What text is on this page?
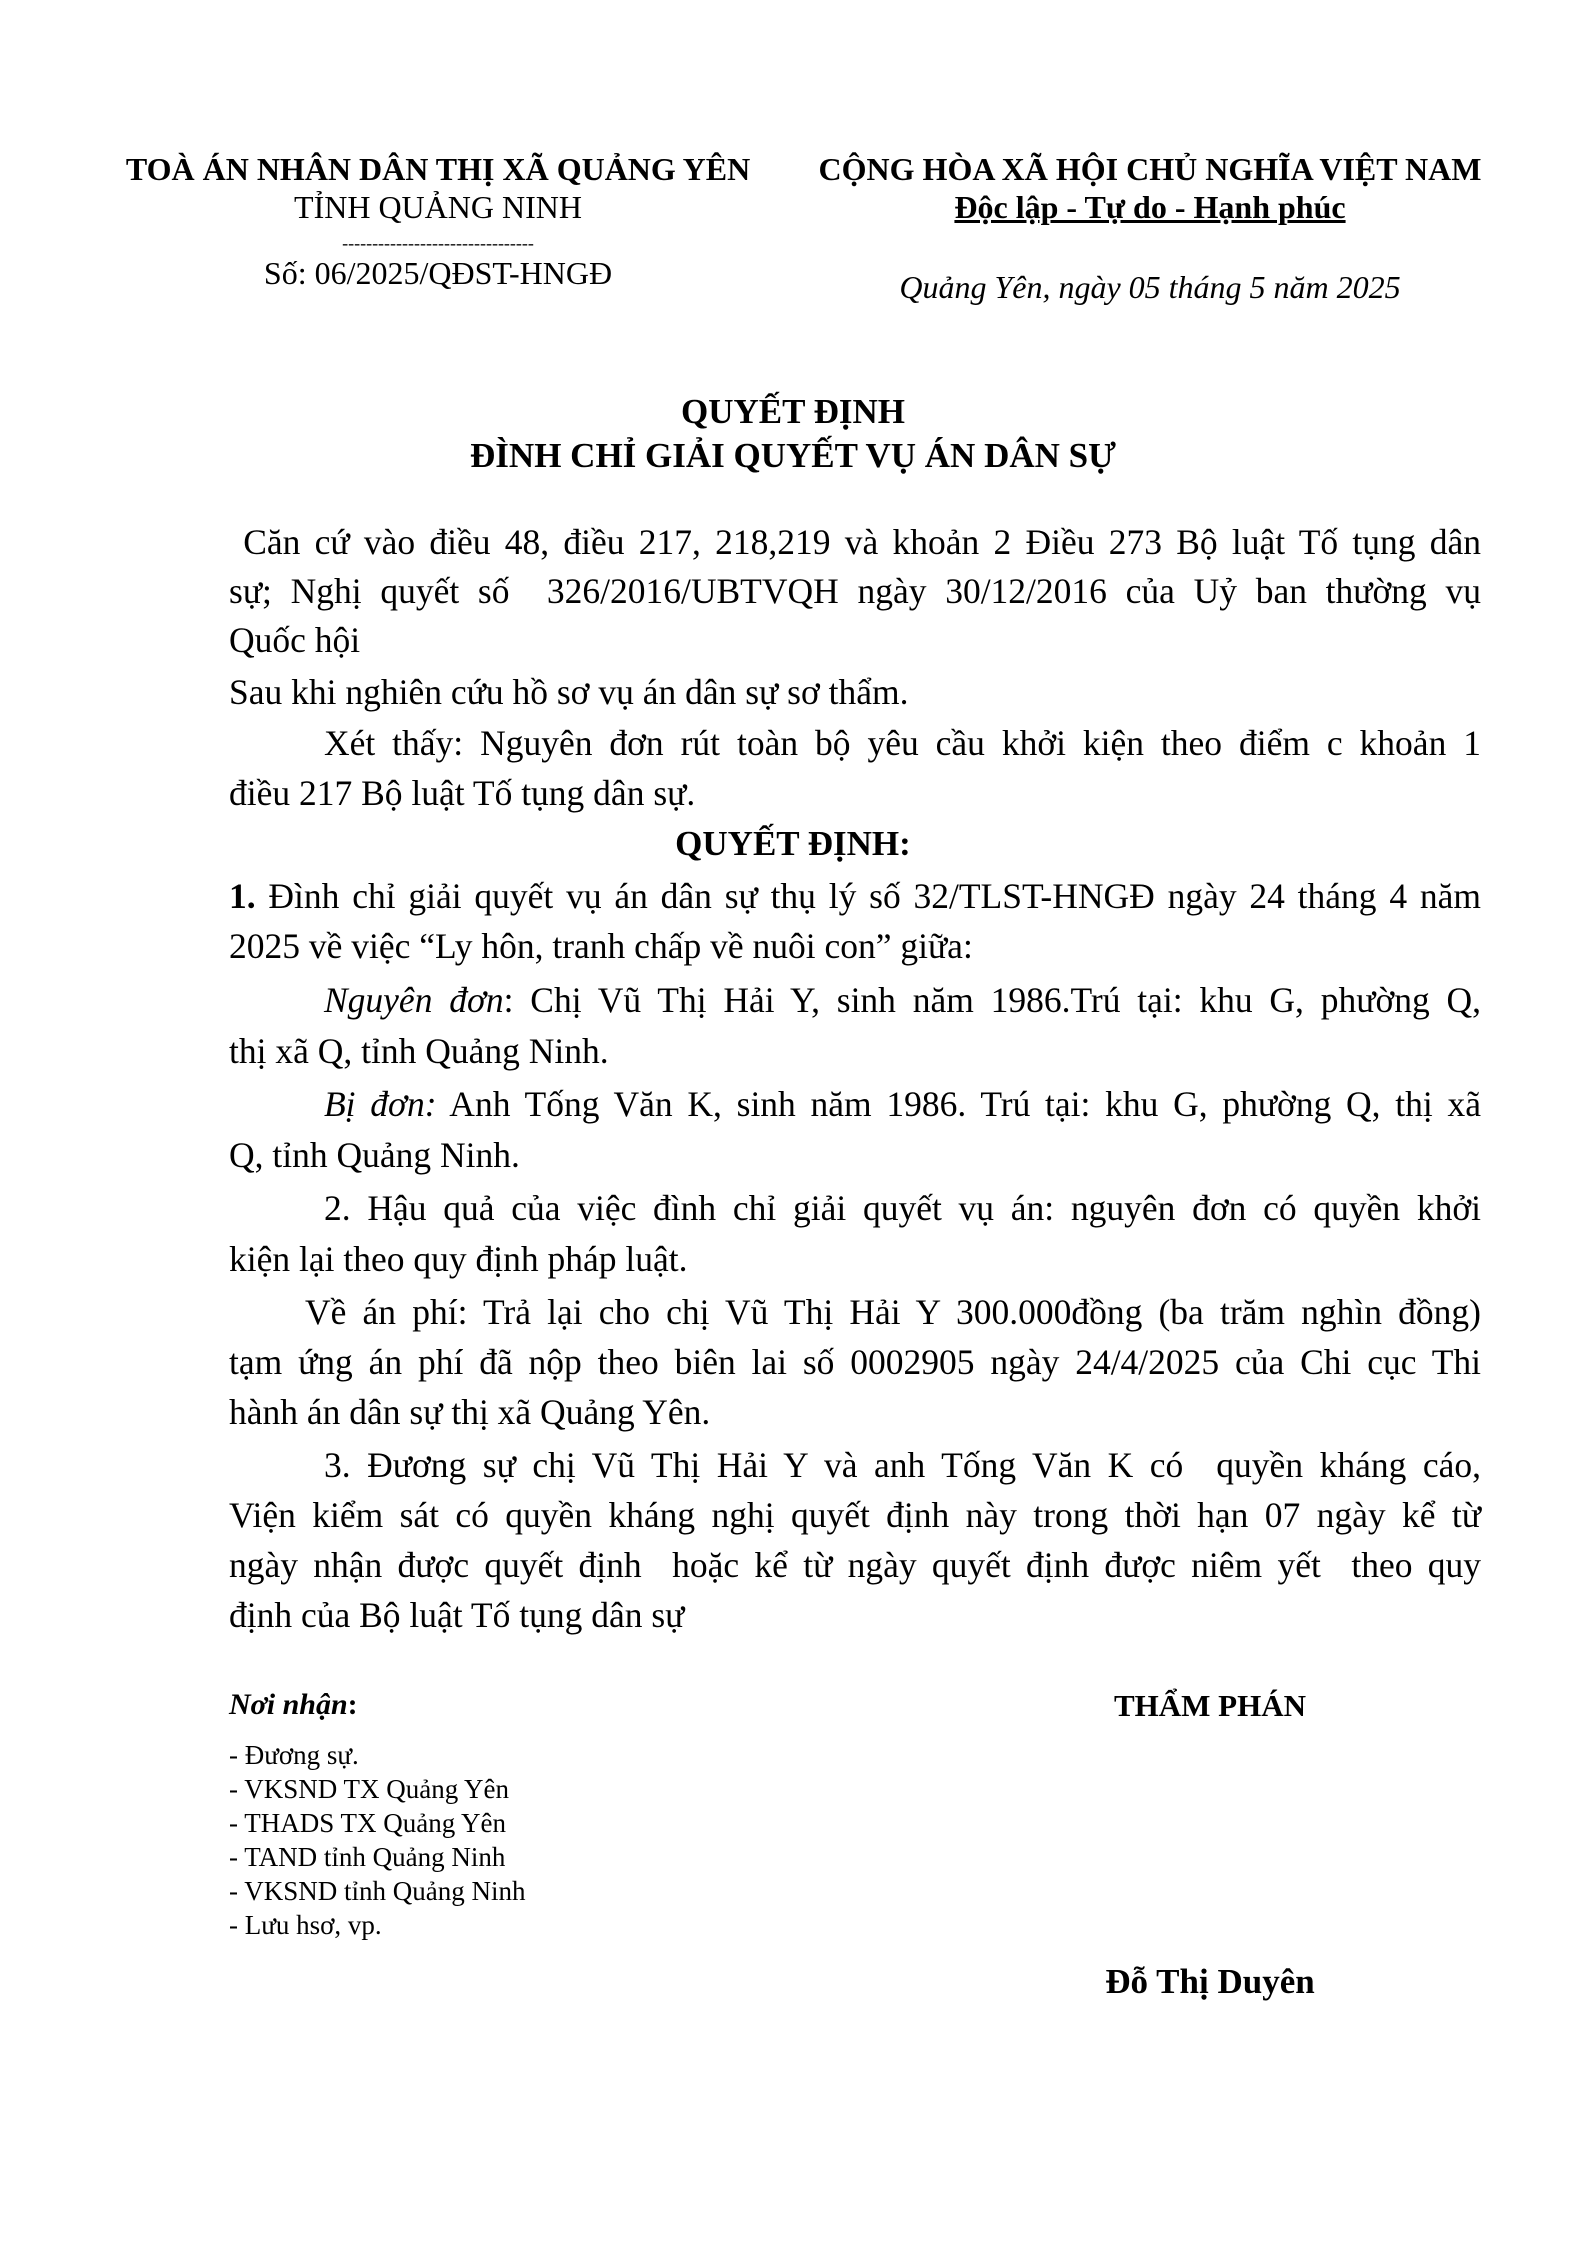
TOÀ ÁN NHÂN DÂN THỊ XÃ QUẢNG YÊN
TỈNH QUẢNG NINH
--------------------------------
Số: 06/2025/QĐST-HNGĐ
CỘNG HÒA XÃ HỘI CHỦ NGHĨA VIỆT NAM
Độc lập - Tự do - Hạnh phúc
Quảng Yên, ngày 05 tháng 5 năm 2025
QUYẾT ĐỊNH
ĐÌNH CHỈ GIẢI QUYẾT VỤ ÁN DÂN SỰ
Căn cứ vào điều 48, điều 217, 218,219 và khoản 2 Điều 273 Bộ luật Tố tụng dân
sự; Nghị quyết số  326/2016/UBTVQH ngày 30/12/2016 của Uỷ ban thường vụ
Quốc hội
Sau khi nghiên cứu hồ sơ vụ án dân sự sơ thẩm.
Xét thấy: Nguyên đơn rút toàn bộ yêu cầu khởi kiện theo điểm c khoản 1
điều 217 Bộ luật Tố tụng dân sự.
QUYẾT ĐỊNH:
1. Đình chỉ giải quyết vụ án dân sự thụ lý số 32/TLST-HNGĐ ngày 24 tháng 4 năm
2025 về việc “Ly hôn, tranh chấp về nuôi con” giữa:
Nguyên đơn: Chị Vũ Thị Hải Y, sinh năm 1986.Trú tại: khu G, phường Q,
thị xã Q, tỉnh Quảng Ninh.
Bị đơn: Anh Tống Văn K, sinh năm 1986. Trú tại: khu G, phường Q, thị xã
Q, tỉnh Quảng Ninh.
2. Hậu quả của việc đình chỉ giải quyết vụ án: nguyên đơn có quyền khởi
kiện lại theo quy định pháp luật.
Về án phí: Trả lại cho chị Vũ Thị Hải Y 300.000đồng (ba trăm nghìn đồng)
tạm ứng án phí đã nộp theo biên lai số 0002905 ngày 24/4/2025 của Chi cục Thi
hành án dân sự thị xã Quảng Yên.
3. Đương sự chị Vũ Thị Hải Y và anh Tống Văn K có  quyền kháng cáo,
Viện kiểm sát có quyền kháng nghị quyết định này trong thời hạn 07 ngày kể từ
ngày nhận được quyết định  hoặc kể từ ngày quyết định được niêm yết  theo quy
định của Bộ luật Tố tụng dân sự
Nơi nhận:
- Đương sự.
- VKSND TX Quảng Yên
- THADS TX Quảng Yên
- TAND tỉnh Quảng Ninh
- VKSND tỉnh Quảng Ninh
- Lưu hsơ, vp.
THẨM PHÁN
Đỗ Thị Duyên
